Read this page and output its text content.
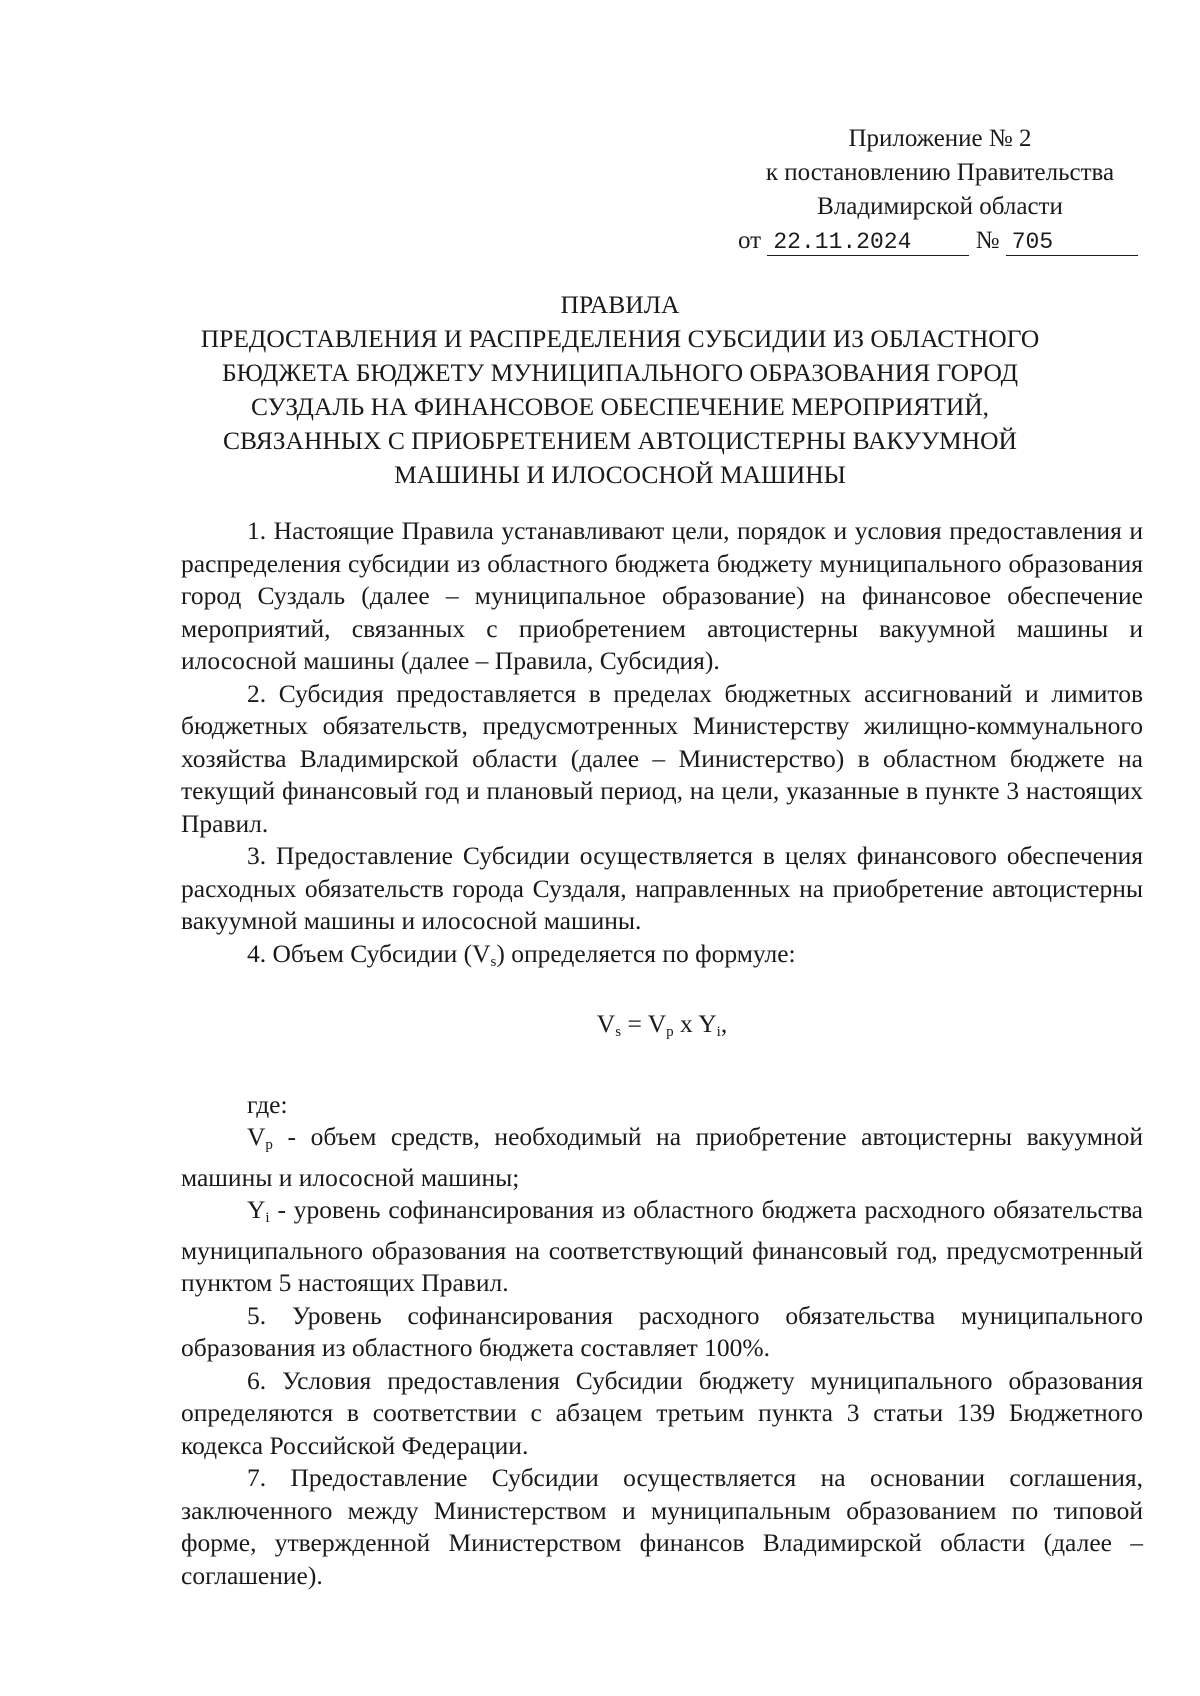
Приложение № 2
к постановлению Правительства
Владимирской области
от 22.11.2024	№ 705
ПРАВИЛА
ПРЕДОСТАВЛЕНИЯ И РАСПРЕДЕЛЕНИЯ СУБСИДИИ ИЗ ОБЛАСТНОГО
БЮДЖЕТА БЮДЖЕТУ МУНИЦИПАЛЬНОГО ОБРАЗОВАНИЯ ГОРОД
СУЗДАЛЬ НА ФИНАНСОВОЕ ОБЕСПЕЧЕНИЕ МЕРОПРИЯТИЙ,
СВЯЗАННЫХ С ПРИОБРЕТЕНИЕМ АВТОЦИСТЕРНЫ ВАКУУМНОЙ
МАШИНЫ И ИЛОСОСНОЙ МАШИНЫ

1. Настоящие Правила устанавливают цели, порядок и условия предоставления и распределения субсидии из областного бюджета бюджету муниципального образования город Суздаль (далее – муниципальное образование) на финансовое обеспечение мероприятий, связанных с приобретением автоцистерны вакуумной машины и илососной машины (далее – Правила, Субсидия).

2. Субсидия предоставляется в пределах бюджетных ассигнований и лимитов бюджетных обязательств, предусмотренных Министерству жилищно-коммунального хозяйства Владимирской области (далее – Министерство) в областном бюджете на текущий финансовый год и плановый период, на цели, указанные в пункте 3 настоящих Правил.

3. Предоставление Субсидии осуществляется в целях финансового обеспечения расходных обязательств города Суздаля, направленных на приобретение автоцистерны вакуумной машины и илососной машины.

4. Объем Субсидии $(V_s)$ определяется по формуле:

$V_s = V_p$ x $Y_i$,

где:

$V_p$ - объем средств, необходимый на приобретение автоцистерны вакуумной машины и илососной машины;

$Y_i$ - уровень софинансирования из областного бюджета расходного обязательства муниципального образования на соответствующий финансовый год, предусмотренный пунктом 5 настоящих Правил.

5. Уровень софинансирования расходного обязательства муниципального образования из областного бюджета составляет 100%.

6. Условия предоставления Субсидии бюджету муниципального образования определяются в соответствии с абзацем третьим пункта 3 статьи 139 Бюджетного кодекса Российской Федерации.

7. Предоставление Субсидии осуществляется на основании соглашения, заключенного между Министерством и муниципальным образованием по типовой форме, утвержденной Министерством финансов Владимирской области (далее – соглашение).
